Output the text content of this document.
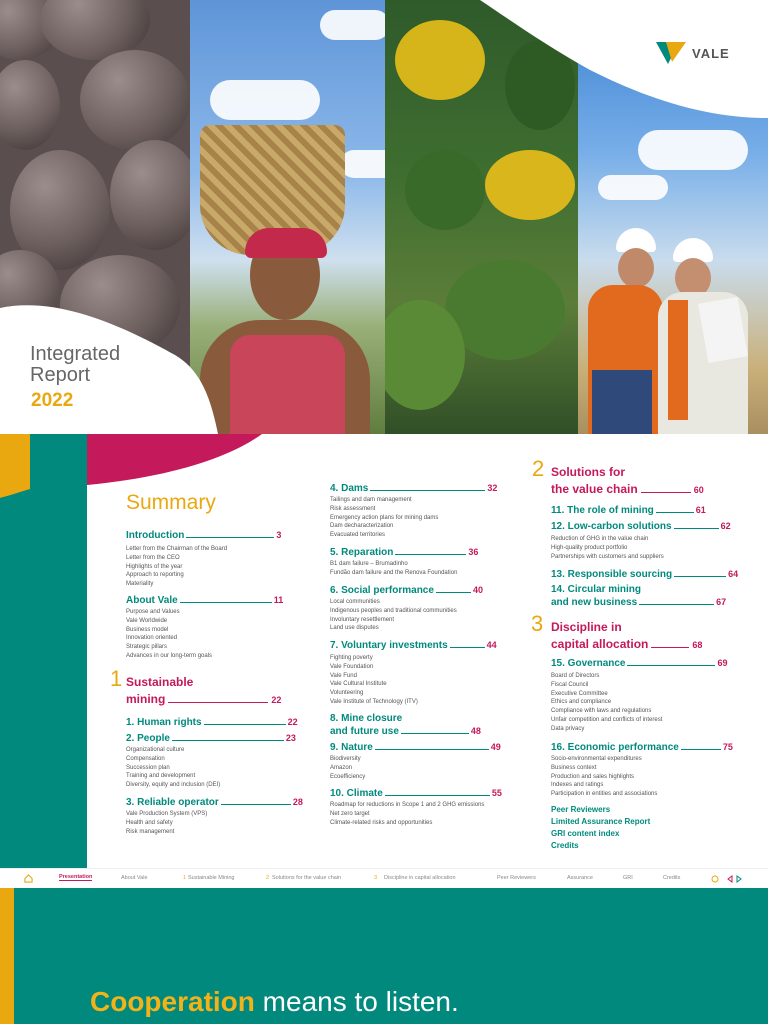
VALE
Integrated
Report
2022
Summary
Introduction	3
Letter from the Chairman of the Board
Letter from the CEO
Highlights of the year
Approach to reporting
Materiality
About Vale	11
Purpose and Values
Vale Worldwide
Business model
Innovation oriented
Strategic pillars
Advances in our long-term goals
1 Sustainable
mining	22
1. Human rights	22
2. People	23
Organizational culture
Compensation
Succession plan
Training and development
Diversity, equity and inclusion (DEI)
3. Reliable operator	28
Vale Production System (VPS)
Health and safety
Risk management
4. Dams	32
Tailings and dam management
Risk assessment
Emergency action plans for mining dams
Dam decharacterization
Evacuated territories
5. Reparation	36
B1 dam failure – Brumadinho
Fundão dam failure and the Renova Foundation
6. Social performance	40
Local communities
Indigenous peoples and traditional communities
Involuntary resettlement
Land use disputes
7. Voluntary investments	44
Fighting poverty
Vale Foundation
Vale Fund
Vale Cultural Institute
Volunteering
Vale Institute of Technology (ITV)
8. Mine closure
and future use	48
9. Nature	49
Biodiversity
Amazon
Ecoefficiency
10. Climate	55
Roadmap for reductions in Scope 1 and 2 GHG emissions
Net zero target
Climate-related risks and opportunities
2 Solutions for
the value chain	60
11. The role of mining	61
12. Low-carbon solutions	62
Reduction of GHG in the value chain
High-quality product portfolio
Partnerships with customers and suppliers
13. Responsible sourcing	64
14. Circular mining
and new business	67
3 Discipline in
capital allocation	68
15. Governance	69
Board of Directors
Fiscal Council
Executive Committee
Ethics and compliance
Compliance with laws and regulations
Unfair competition and conflicts of interest
Data privacy
16. Economic performance	75
Socio-environmental expenditures
Business context
Production and sales highlights
Indexes and ratings
Participation in entities and associations
Peer Reviewers
Limited Assurance Report
GRI content index
Credits
Presentation	About Vale	1 Sustainable Mining	2 Solutions for the value chain	3 Discipline in capital allocation	Peer Reviewers	Assurance	GRI	Credits
Cooperation means to listen.
